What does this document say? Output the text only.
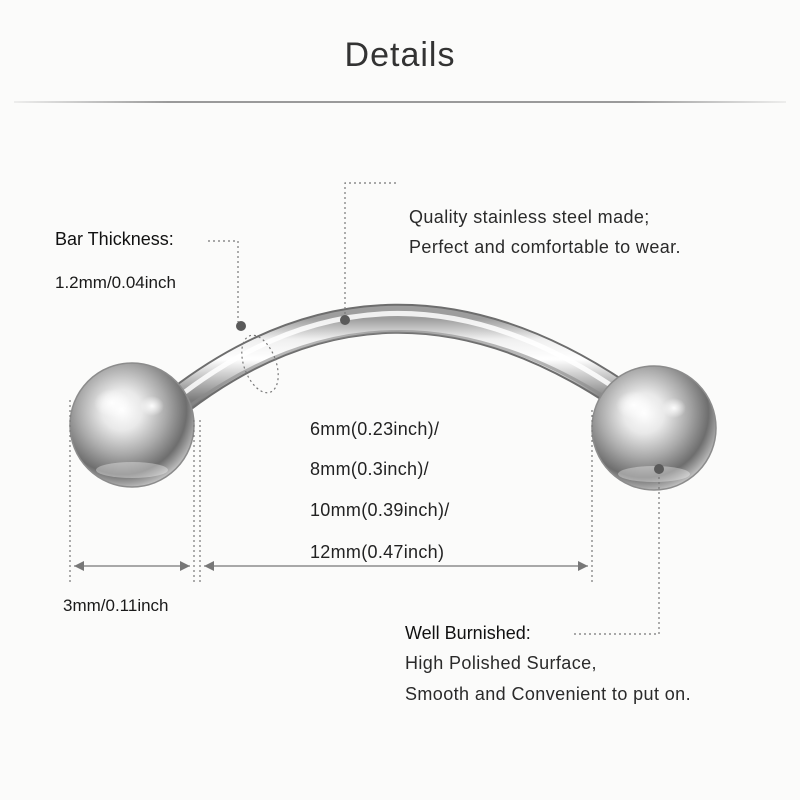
Details
Bar Thickness:
1.2mm/0.04inch
Quality stainless steel made;
Perfect and comfortable to wear.
6mm(0.23inch)/
8mm(0.3inch)/
10mm(0.39inch)/
12mm(0.47inch)
3mm/0.11inch
Well Burnished:
High Polished Surface,
Smooth and Convenient to put on.
